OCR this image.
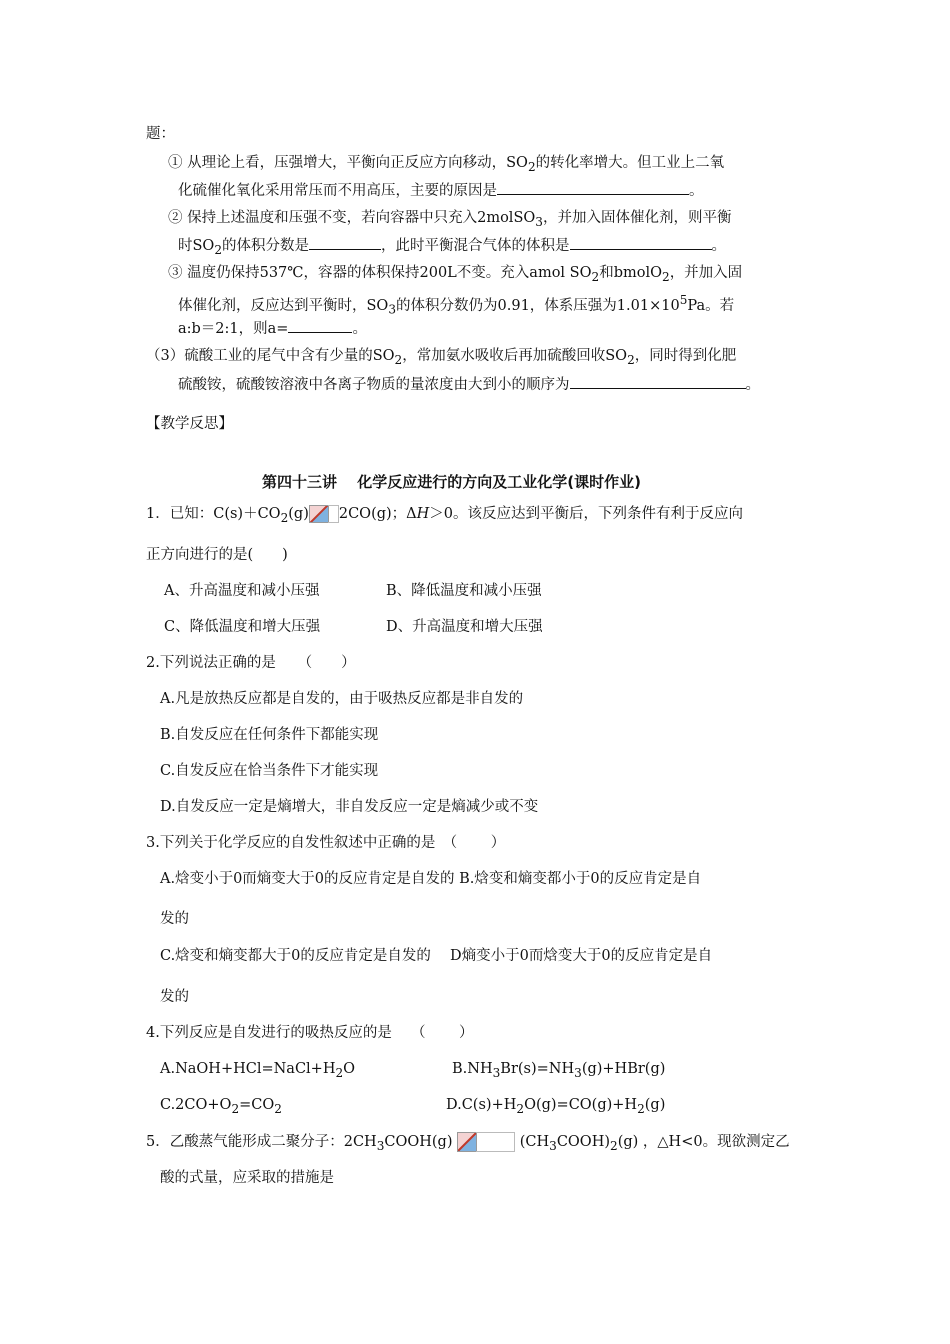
题：
① 从理论上看，压强增大，平衡向正反应方向移动，$SO_2$的转化率增大。但工业上二氧
化硫催化氧化采用常压而不用高压，主要的原因是	。
② 保持上述温度和压强不变，若向容器中只充入2molSO$_3$，并加入固体催化剂，则平衡
时$SO_2$的体积分数是	，此时平衡混合气体的体积是	。
③ 温度仍保持537℃，容器的体积保持200L不变。充入amol $SO_2$和bmolO$_2$，并加入固
体催化剂，反应达到平衡时，$SO_3$的体积分数仍为0.91，体系压强为$1.01\times 10^5Pa$。若
a:b＝2:1，则a=	。
（3）硫酸工业的尾气中含有少量的$SO_2$，常加氨水吸收后再加硫酸回收$SO_2$，同时得到化肥
硫酸铵，硫酸铵溶液中各离子物质的量浓度由大到小的顺序为	。
【教学反思】
第四十三讲　 化学反应进行的方向及工业化学(课时作业)
1．已知：$C(s)+CO_2(g)$ 2CO(g)；ΔH＞0。该反应达到平衡后，下列条件有利于反应向
正方向进行的是(　　)
A、升高温度和减小压强	B、降低温度和减小压强
C、降低温度和增大压强	D、升高温度和增大压强
2.下列说法正确的是　　（　　）
A.凡是放热反应都是自发的，由于吸热反应都是非自发的
B.自发反应在任何条件下都能实现
C.自发反应在恰当条件下才能实现
D.自发反应一定是熵增大，非自发反应一定是熵减少或不变
3.下列关于化学反应的自发性叙述中正确的是　（　　 ）
A.焓变小于0而熵变大于0的反应肯定是自发的 B.焓变和熵变都小于0的反应肯定是自
发的
C.焓变和熵变都大于0的反应肯定是自发的　 D熵变小于0而焓变大于0的反应肯定是自
发的
4.下列反应是自发进行的吸热反应的是　 （　　 ）
$A.NaOH+HCl=NaCl+H_2O$	$B.NH_3Br(s)=NH_3(g)+HBr(g)$
$C.2CO+O_2=CO_2$	$D.C(s)+H_2O(g)=CO(g)+H_2(g)$
5．乙酸蒸气能形成二聚分子：$2CH_3COOH(g)$	$(CH_3COOH)_2(g)$ ，△H<0。现欲测定乙
酸的式量，应采取的措施是
